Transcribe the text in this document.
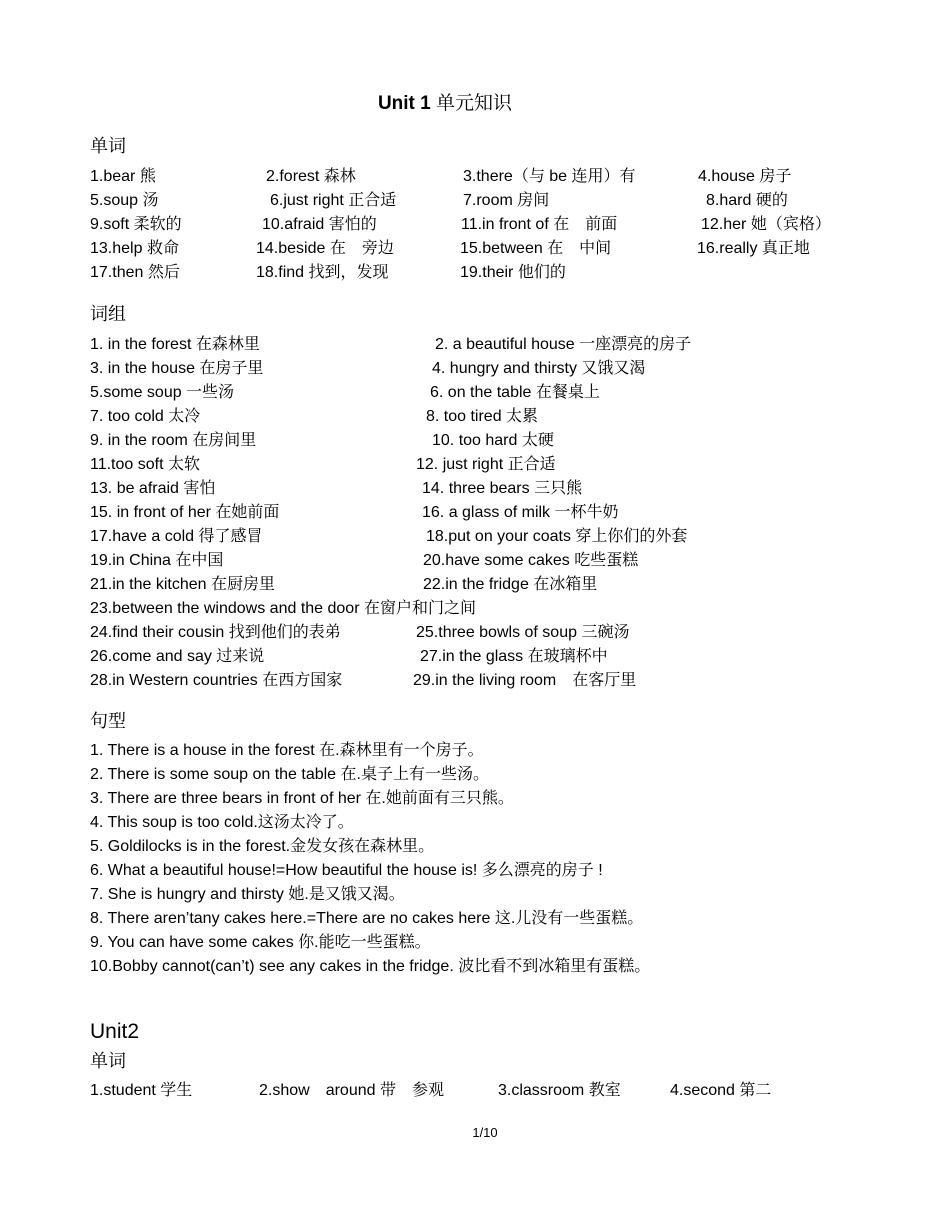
Unit 1 单元知识
单词
1.bear 熊	2.forest 森林	3.there（与 be 连用）有	4.house 房子
5.soup 汤	6.just right 正合适	7.room 房间	8.hard 硬的
9.soft 柔软的	10.afraid 害怕的	11.in front of 在　前面	12.her 她（宾格）
13.help 救命	14.beside 在　旁边	15.between 在　中间	16.really 真正地
17.then 然后	18.find 找到，发现	19.their 他们的
词组
1. in the forest 在森林里	2. a beautiful house 一座漂亮的房子
3. in the house 在房子里	4. hungry and thirsty 又饿又渴
5.some soup 一些汤	6. on the table 在餐桌上
7. too cold 太冷	8. too tired 太累
9. in the room 在房间里	10. too hard 太硬
11.too soft 太软	12. just right 正合适
13. be afraid 害怕	14. three bears 三只熊
15. in front of her 在她前面	16. a glass of milk 一杯牛奶
17.have a cold 得了感冒	18.put on your coats 穿上你们的外套
19.in China 在中国	20.have some cakes 吃些蛋糕
21.in the kitchen 在厨房里	22.in the fridge 在冰箱里
23.between the windows and the door 在窗户和门之间
24.find their cousin 找到他们的表弟	25.three bowls of soup 三碗汤
26.come and say 过来说	27.in the glass 在玻璃杯中
28.in Western countries 在西方国家	29.in the living room　在客厅里
句型
1. There is a house in the forest 在.森林里有一个房子。
2. There is some soup on the table 在.桌子上有一些汤。
3. There are three bears in front of her 在.她前面有三只熊。
4. This soup is too cold.这汤太冷了。
5. Goldilocks is in the forest.金发女孩在森林里。
6. What a beautiful house!=How beautiful the house is! 多么漂亮的房子 !
7. She is hungry and thirsty 她.是又饿又渴。
8. There aren’tany cakes here.=There are no cakes here 这.儿没有一些蛋糕。
9. You can have some cakes 你.能吃一些蛋糕。
10.Bobby cannot(can’t) see any cakes in the fridge. 波比看不到冰箱里有蛋糕。
Unit2
单词
1.student 学生	2.show　around 带　参观	3.classroom 教室	4.second 第二
1/10
